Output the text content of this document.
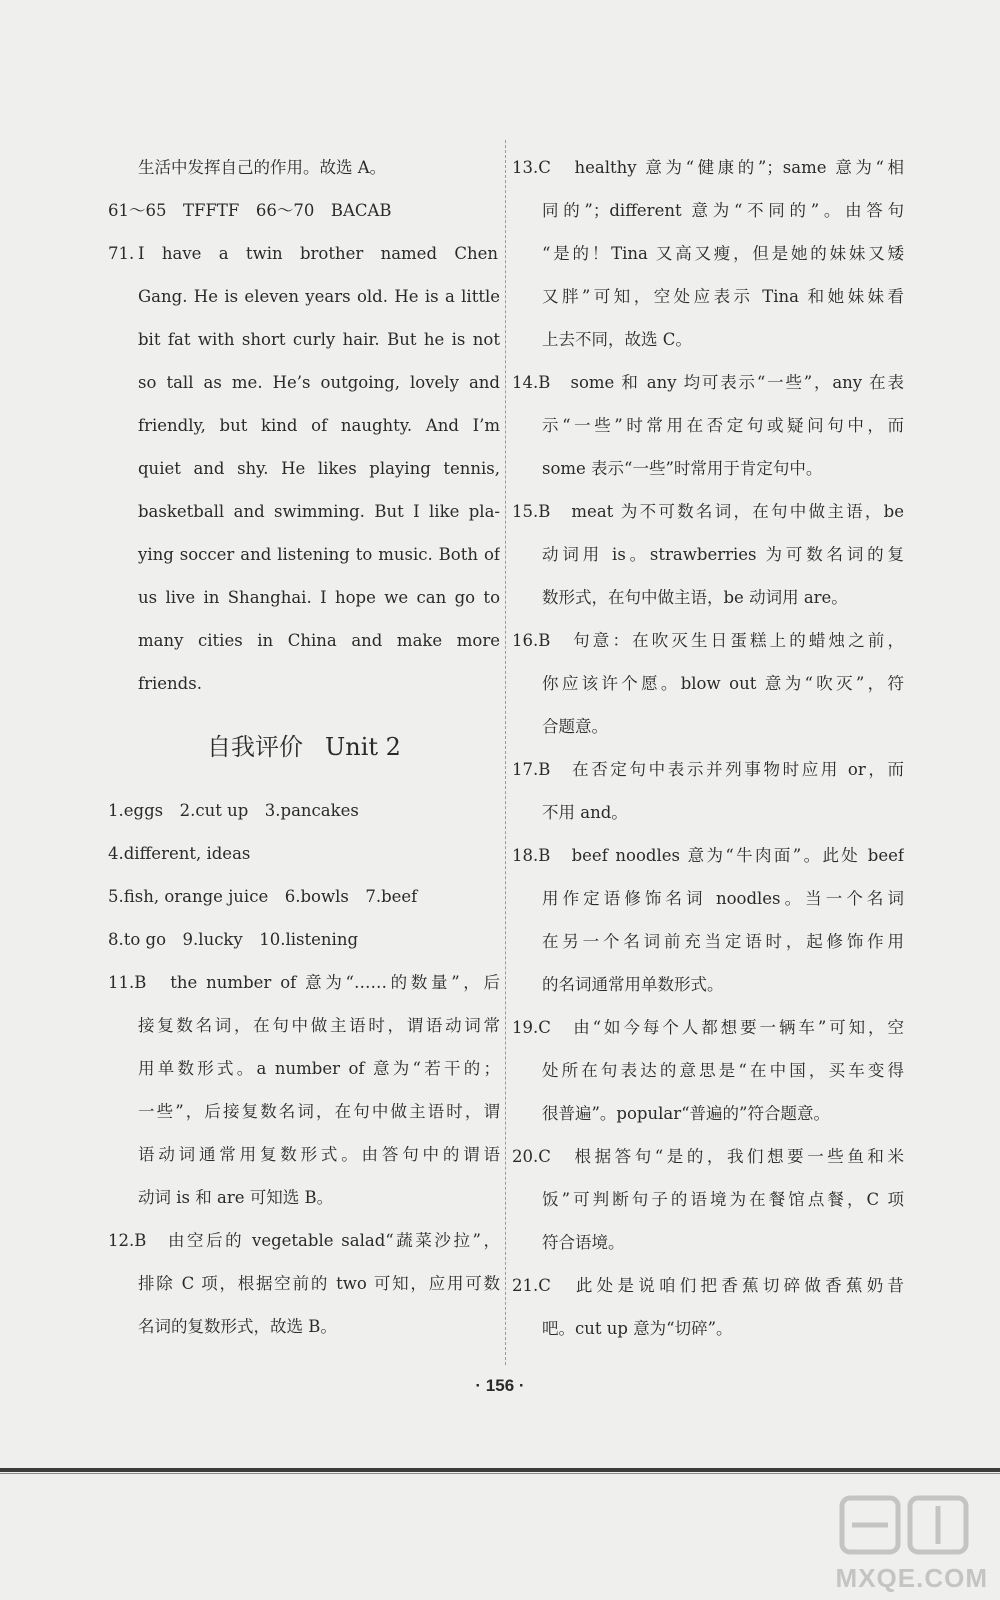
生活中发挥自己的作用。故选 A。
61～65　TFFTF　66～70　BACAB
71. I have a twin brother named Chen
Gang. He is eleven years old. He is a little
bit fat with short curly hair. But he is not
so tall as me. He’s outgoing, lovely and
friendly, but kind of naughty. And I’m
quiet and shy. He likes playing tennis,
basketball and swimming. But I like pla-
ying soccer and listening to music. Both of
us live in Shanghai. I hope we can go to
many cities in China and make more
friends.
自我评价 Unit 2
1.eggs　2.cut up　3.pancakes
4.different, ideas
5.fish, orange juice　6.bowls　7.beef
8.to go　9.lucky　10.listening
11.B　the number of 意为“……的数量”，后
接复数名词，在句中做主语时，谓语动词常
用单数形式。a number of 意为“若干的；
一些”，后接复数名词，在句中做主语时，谓
语动词通常用复数形式。由答句中的谓语
动词 is 和 are 可知选 B。
12.B　由空后的 vegetable salad“蔬菜沙拉”，
排除 C 项，根据空前的 two 可知，应用可数
名词的复数形式，故选 B。
13.C　healthy 意为“健康的”；same 意为“相
同的”；different 意为“不同的”。由答句
“是的！Tina 又高又瘦，但是她的妹妹又矮
又胖”可知，空处应表示 Tina 和她妹妹看
上去不同，故选 C。
14.B　some 和 any 均可表示“一些”，any 在表
示“一些”时常用在否定句或疑问句中，而
some 表示“一些”时常用于肯定句中。
15.B　meat 为不可数名词，在句中做主语，be
动词用 is。strawberries 为可数名词的复
数形式，在句中做主语，be 动词用 are。
16.B　句意：在吹灭生日蛋糕上的蜡烛之前，
你应该许个愿。blow out 意为“吹灭”，符
合题意。
17.B　在否定句中表示并列事物时应用 or，而
不用 and。
18.B　beef noodles 意为“牛肉面”。此处 beef
用作定语修饰名词 noodles。当一个名词
在另一个名词前充当定语时，起修饰作用
的名词通常用单数形式。
19.C　由“如今每个人都想要一辆车”可知，空
处所在句表达的意思是“在中国，买车变得
很普遍”。popular“普遍的”符合题意。
20.C　根据答句“是的，我们想要一些鱼和米
饭”可判断句子的语境为在餐馆点餐，C 项
符合语境。
21.C　此处是说咱们把香蕉切碎做香蕉奶昔
吧。cut up 意为“切碎”。
· 156 ·
MXQE.COM
